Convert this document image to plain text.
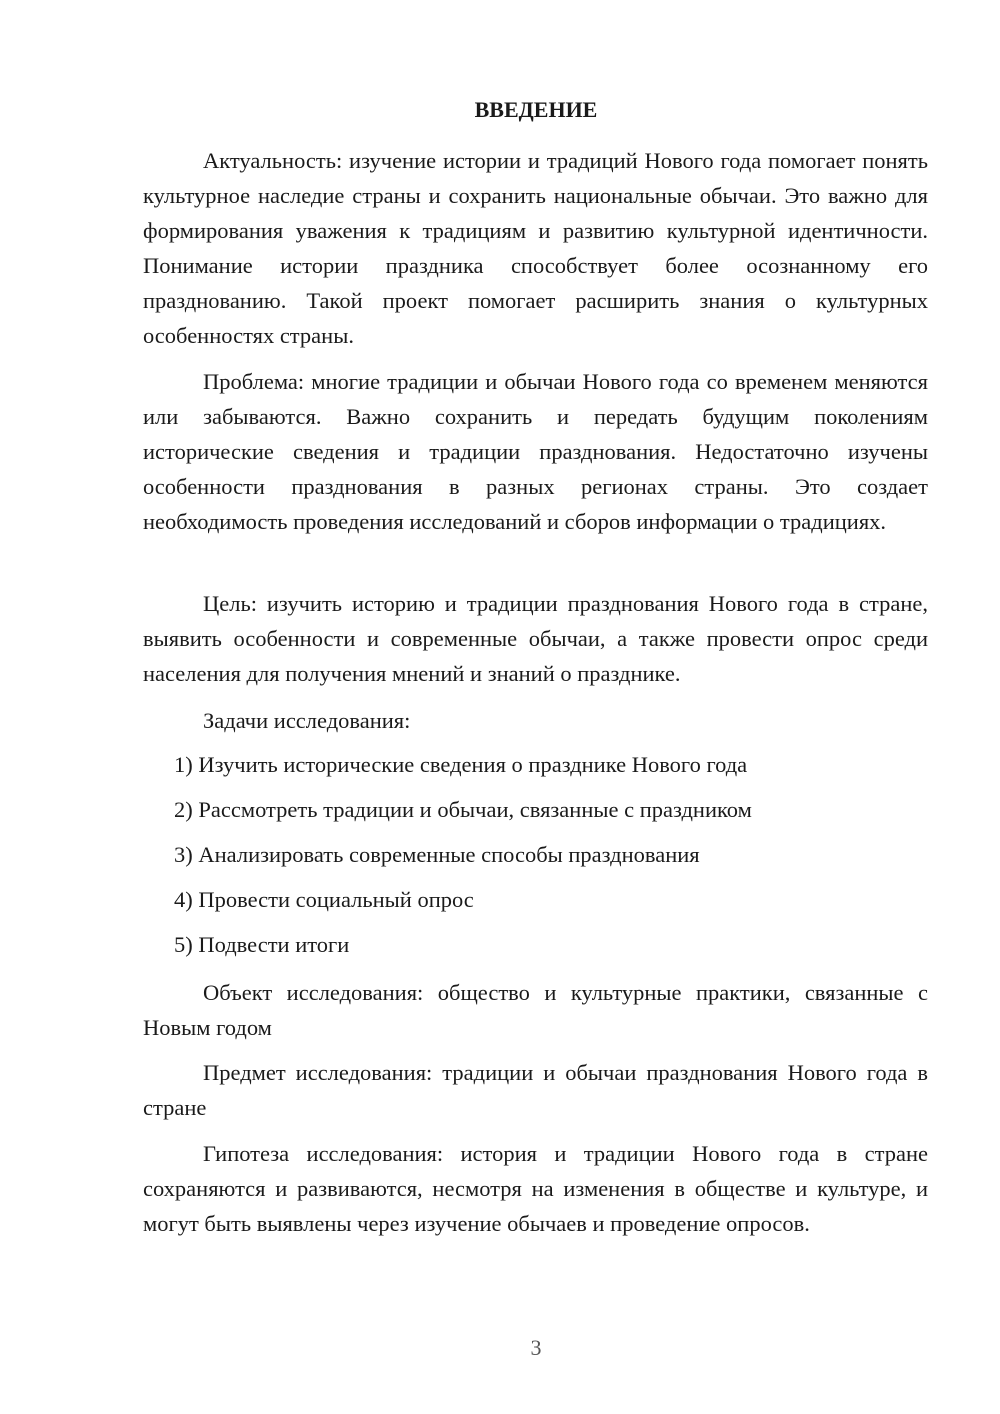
ВВЕДЕНИЕ

Актуальность: изучение истории и традиций Нового года помогает понять культурное наследие страны и сохранить национальные обычаи. Это важно для формирования уважения к традициям и развитию культурной идентичности. Понимание истории праздника способствует более осознанному его празднованию. Такой проект помогает расширить знания о культурных особенностях страны.

Проблема: многие традиции и обычаи Нового года со временем меняются или забываются. Важно сохранить и передать будущим поколениям исторические сведения и традиции празднования. Недостаточно изучены особенности празднования в разных регионах страны. Это создает необходимость проведения исследований и сборов информации о традициях.

Цель: изучить историю и традиции празднования Нового года в стране, выявить особенности и современные обычаи, а также провести опрос среди населения для получения мнений и знаний о празднике.

Задачи исследования:

1) Изучить исторические сведения о празднике Нового года
2) Рассмотреть традиции и обычаи, связанные с праздником
3) Анализировать современные способы празднования
4) Провести социальный опрос
5) Подвести итоги

Объект исследования: общество и культурные практики, связанные с Новым годом

Предмет исследования: традиции и обычаи празднования Нового года в стране

Гипотеза исследования: история и традиции Нового года в стране сохраняются и развиваются, несмотря на изменения в обществе и культуре, и могут быть выявлены через изучение обычаев и проведение опросов.

3
